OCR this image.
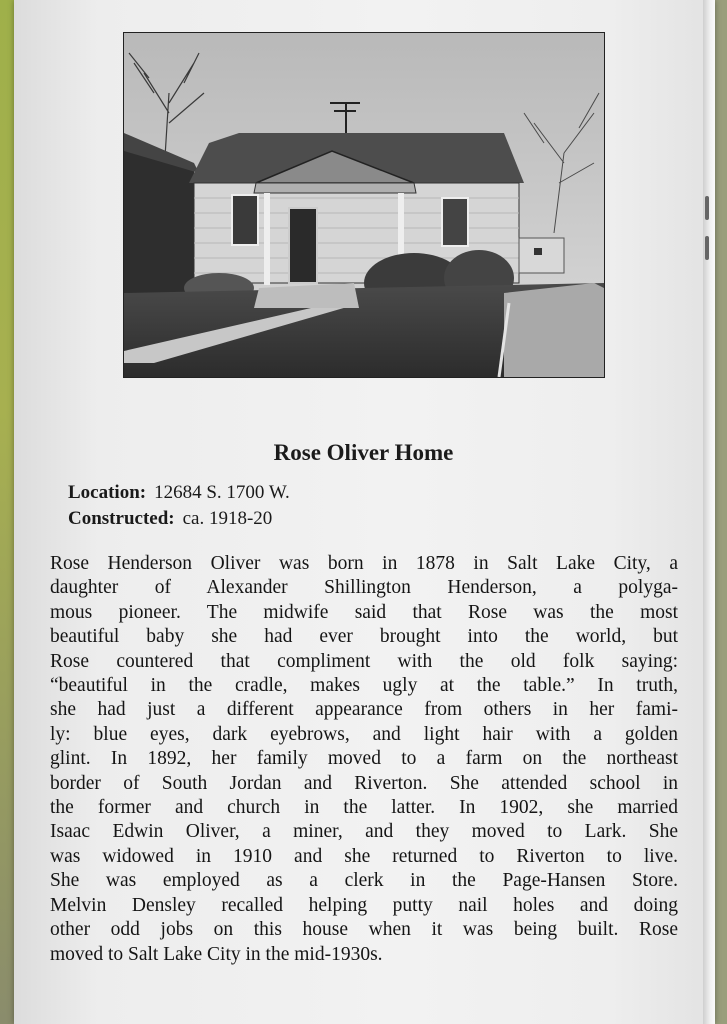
Rose Oliver Home
Location: 12684 S. 1700 W.
Constructed: ca. 1918-20
Rose Henderson Oliver was born in 1878 in Salt Lake City, a
daughter of Alexander Shillington Henderson, a polyga-
mous pioneer. The midwife said that Rose was the most
beautiful baby she had ever brought into the world, but
Rose countered that compliment with the old folk saying:
“beautiful in the cradle, makes ugly at the table.” In truth,
she had just a different appearance from others in her fami-
ly: blue eyes, dark eyebrows, and light hair with a golden
glint. In 1892, her family moved to a farm on the northeast
border of South Jordan and Riverton. She attended school in
the former and church in the latter. In 1902, she married
Isaac Edwin Oliver, a miner, and they moved to Lark. She
was widowed in 1910 and she returned to Riverton to live.
She was employed as a clerk in the Page-Hansen Store.
Melvin Densley recalled helping putty nail holes and doing
other odd jobs on this house when it was being built. Rose
moved to Salt Lake City in the mid-1930s.
